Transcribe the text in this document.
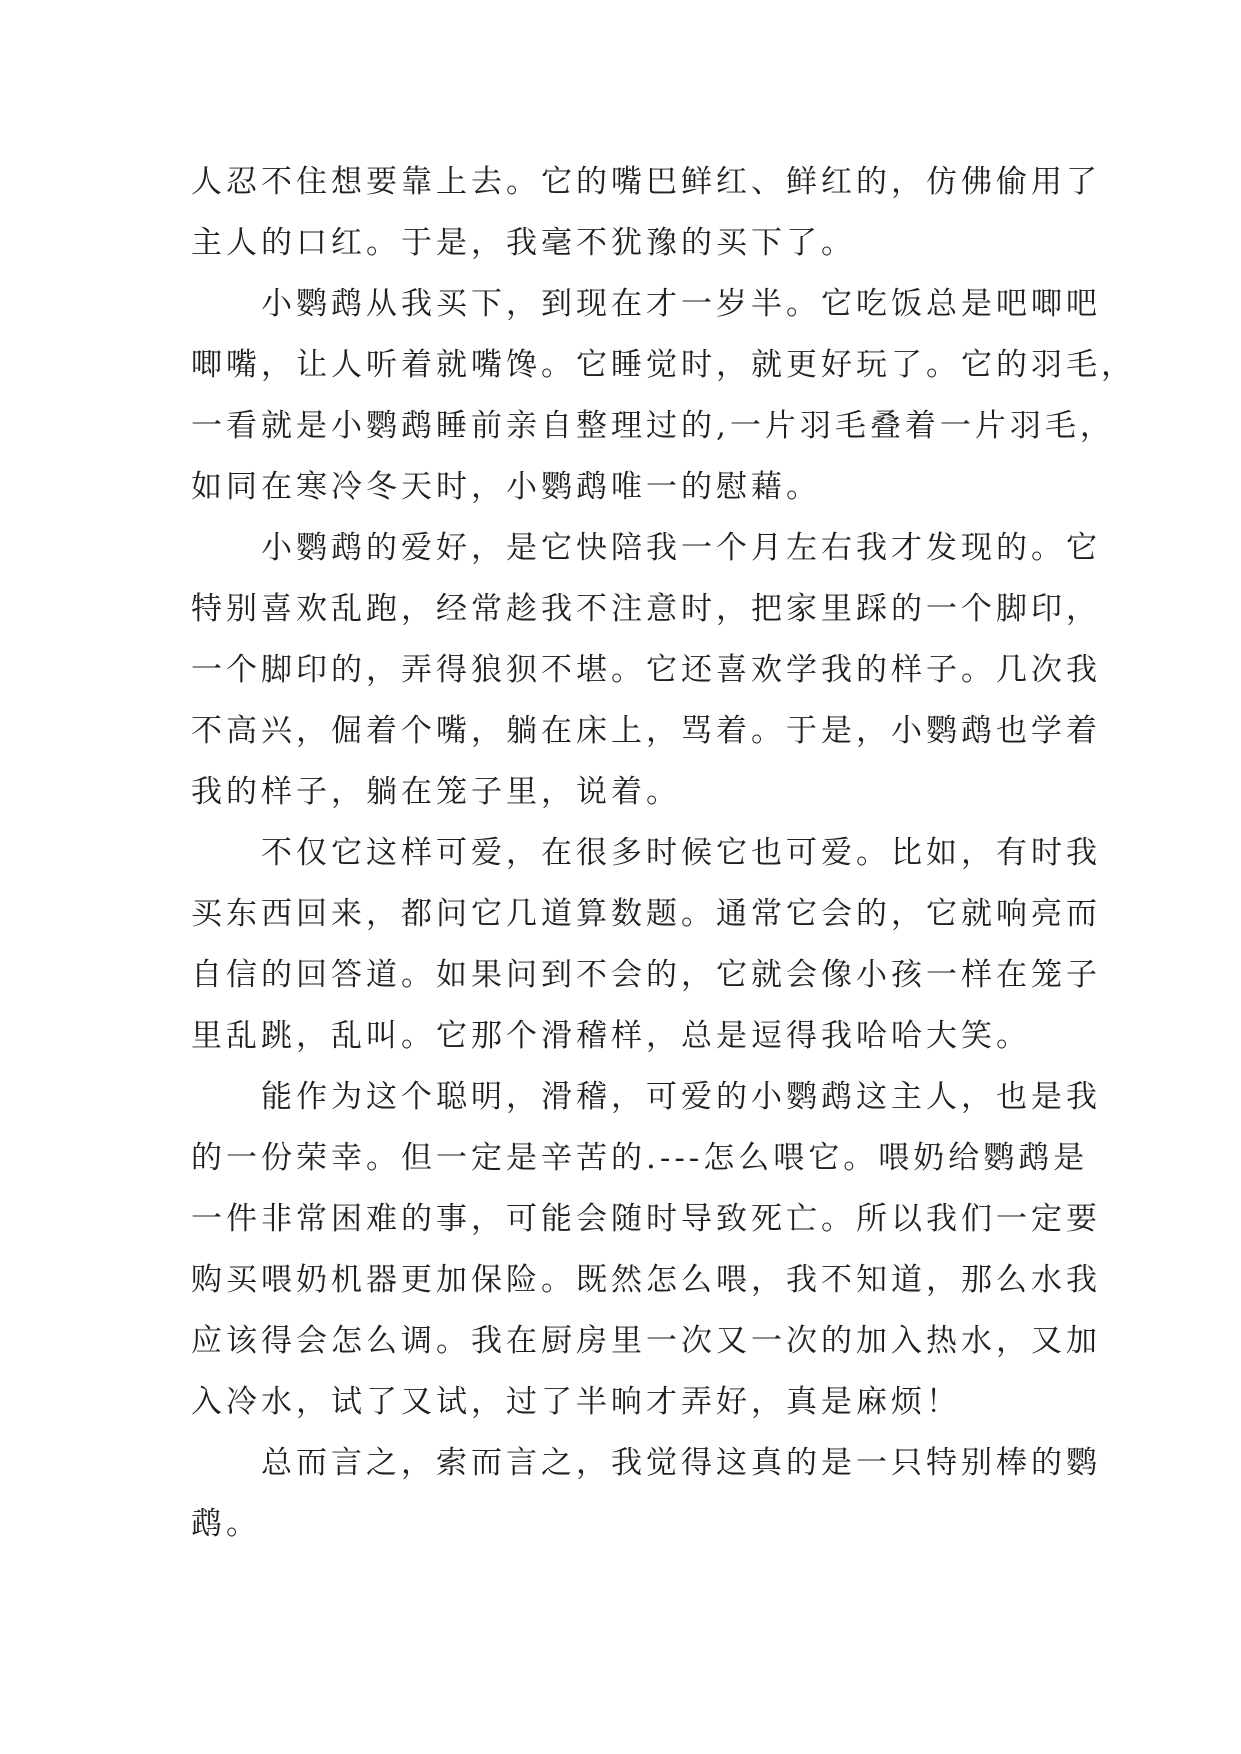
人忍不住想要靠上去。它的嘴巴鲜红、鲜红的，仿佛偷用了
主人的口红。于是，我毫不犹豫的买下了。
小鹦鹉从我买下，到现在才一岁半。它吃饭总是吧唧吧
唧嘴，让人听着就嘴馋。它睡觉时，就更好玩了。它的羽毛，
一看就是小鹦鹉睡前亲自整理过的,一片羽毛叠着一片羽毛，
如同在寒冷冬天时，小鹦鹉唯一的慰藉。
小鹦鹉的爱好，是它快陪我一个月左右我才发现的。它
特别喜欢乱跑，经常趁我不注意时，把家里踩的一个脚印，
一个脚印的，弄得狼狈不堪。它还喜欢学我的样子。几次我
不高兴，倔着个嘴，躺在床上，骂着。于是，小鹦鹉也学着
我的样子，躺在笼子里，说着。
不仅它这样可爱，在很多时候它也可爱。比如，有时我
买东西回来，都问它几道算数题。通常它会的，它就响亮而
自信的回答道。如果问到不会的，它就会像小孩一样在笼子
里乱跳，乱叫。它那个滑稽样，总是逗得我哈哈大笑。
能作为这个聪明，滑稽，可爱的小鹦鹉这主人，也是我
的一份荣幸。但一定是辛苦的.---怎么喂它。喂奶给鹦鹉是
一件非常困难的事，可能会随时导致死亡。所以我们一定要
购买喂奶机器更加保险。既然怎么喂，我不知道，那么水我
应该得会怎么调。我在厨房里一次又一次的加入热水，又加
入冷水，试了又试，过了半晌才弄好，真是麻烦！
总而言之，索而言之，我觉得这真的是一只特别棒的鹦
鹉。
